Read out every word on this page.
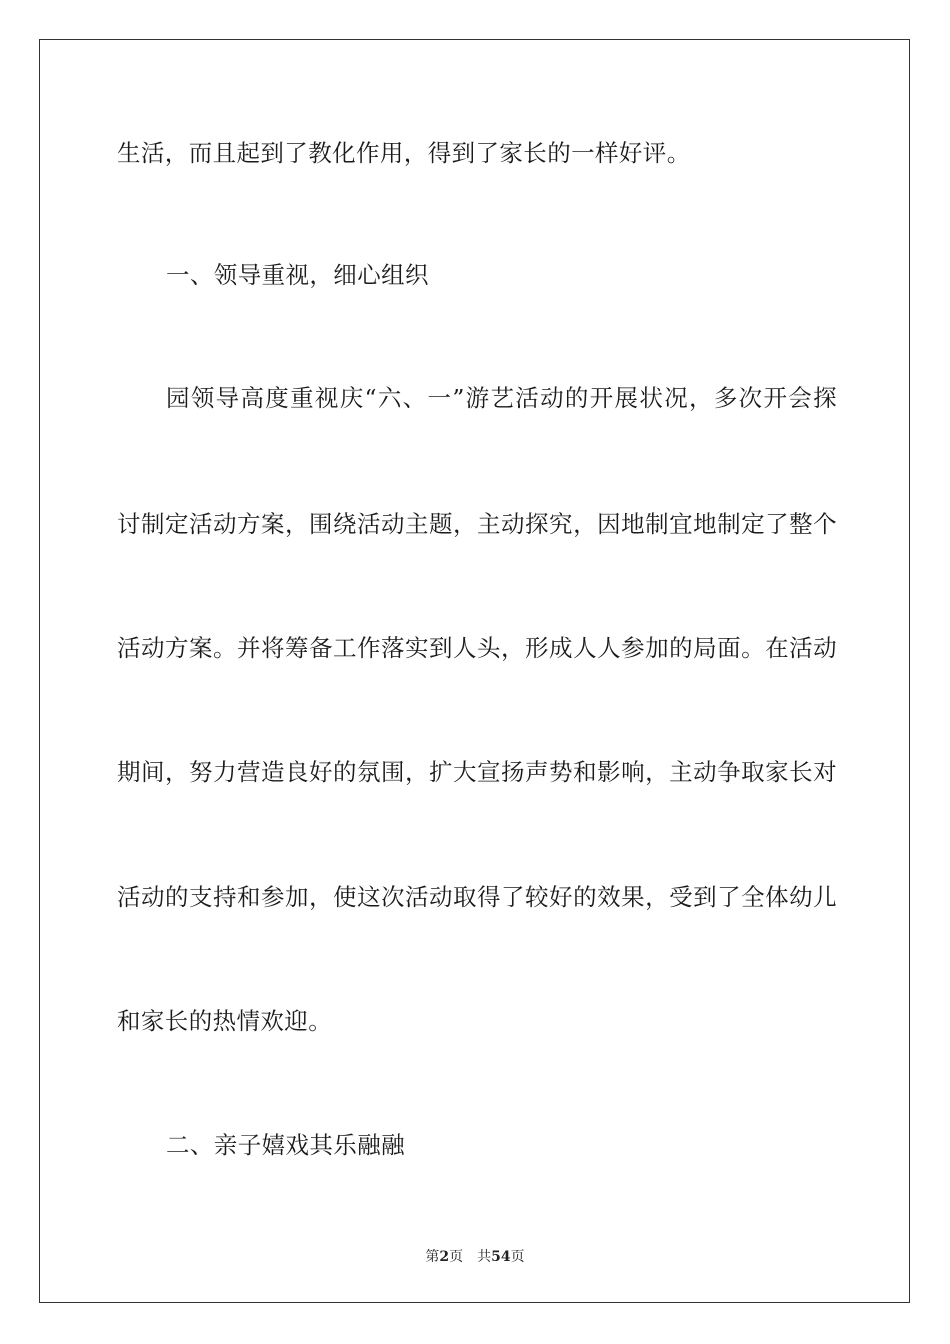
生活，而且起到了教化作用，得到了家长的一样好评。
一、领导重视，细心组织
园领导高度重视庆“六、一”游艺活动的开展状况，多次开会探
讨制定活动方案，围绕活动主题，主动探究，因地制宜地制定了整个
活动方案。并将筹备工作落实到人头，形成人人参加的局面。在活动
期间，努力营造良好的氛围，扩大宣扬声势和影响，主动争取家长对
活动的支持和参加，使这次活动取得了较好的效果，受到了全体幼儿
和家长的热情欢迎。
二、亲子嬉戏其乐融融
第2页 共54页
